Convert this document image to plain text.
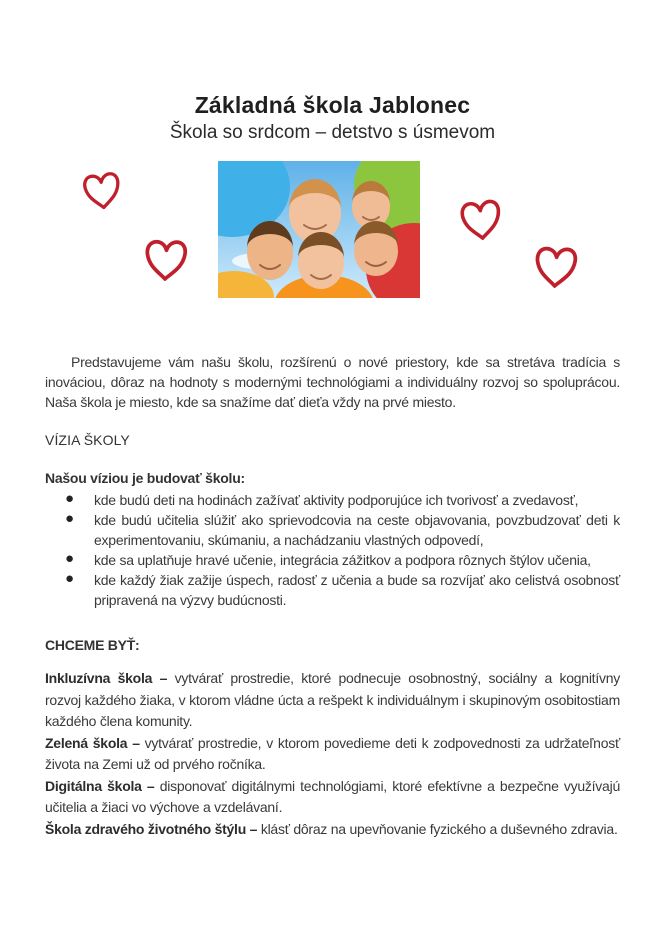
Základná škola Jablonec
Škola so srdcom – detstvo s úsmevom

Predstavujeme vám našu školu, rozšírenú o nové priestory, kde sa stretáva tradícia s inováciou, dôraz na hodnoty s modernými technológiami a individuálny rozvoj so spoluprácou. Naša škola je miesto, kde sa snažíme dať dieťa vždy na prvé miesto.

VÍZIA ŠKOLY

Našou víziou je budovať školu:

● kde budú deti na hodinách zažívať aktivity podporujúce ich tvorivosť a zvedavosť,
● kde budú učitelia slúžiť ako sprievodcovia na ceste objavovania, povzbudzovať deti k experimentovaniu, skúmaniu, a nachádzaniu vlastných odpovedí,
● kde sa uplatňuje hravé učenie, integrácia zážitkov a podpora rôznych štýlov učenia,
● kde každý žiak zažije úspech, radosť z učenia a bude sa rozvíjať ako celistvá osobnosť pripravená na výzvy budúcnosti.
CHCEME BYŤ:

Inkluzívna škola – vytvárať prostredie, ktoré podnecuje osobnostný, sociálny a kognitívny rozvoj každého žiaka, v ktorom vládne úcta a rešpekt k individuálnym i skupinovým osobitostiam každého člena komunity.

Zelená škola – vytvárať prostredie, v ktorom povedieme deti k zodpovednosti za udržateľnosť života na Zemi už od prvého ročníka.

Digitálna škola – disponovať digitálnymi technológiami, ktoré efektívne a bezpečne využívajú učitelia a žiaci vo výchove a vzdelávaní.

Škola zdravého životného štýlu – klásť dôraz na upevňovanie fyzického a duševného zdravia.
